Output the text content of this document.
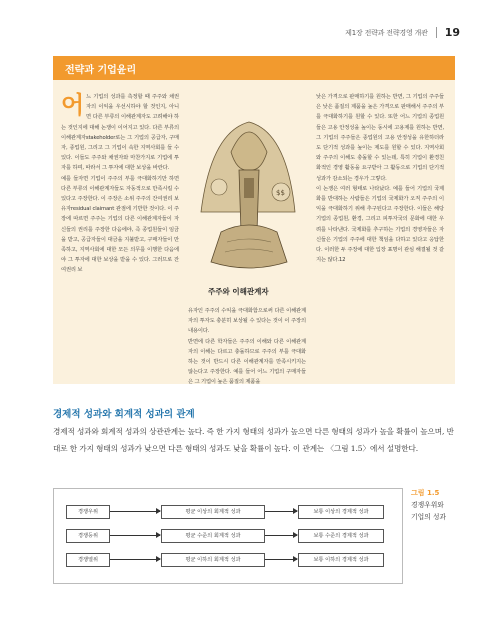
제1장 전략과 전략경영 개관 19
전략과 기업윤리

어느 기업의 성과를 측정할 때 주주와 채권자의 이익을 우선시하야 할 것인지, 아니면 다른 부류의 이해관계자도 고려해야 하는 것인지에 대해 논쟁이 이어지고 있다. 다른 부류의 이해관계자stakeholder로는 그 기업의 공급자, 구매자, 종업원, 그리고 그 기업이 속한 지역사회를 들 수 있다. 이들도 주주와 채권자와 마찬가지로 기업에 투자를 하며, 따라서 그 투자에 대한 보상을 바란다.

예를 들자면 기업이 주주의 부를 극대화하기만 하면 다른 부류의 이해관계자들도 자동적으로 만족시킬 수 있다고 주장한다. 이 주장은 소위 주주의 잔여권리 보유자residual claimant 관점에 기반한 것이다. 이 주장에 따르면 주주는 기업의 다른 이해관계자들이 자신들의 권리를 주장한 다음에야, 즉 종업원들이 임금을 받고, 공급자들이 대금을 지불받고, 구매자들이 만족하고, 지역사회에 대한 모든 의무를 이행한 다음에야 그 투자에 대한 보상을 받을 수 있다. 그러므로 잔여권리 보

$$
주주와 이해관계자

유자인 주주의 수익을 극대화함으로써 다른 이해관계자의 투자도 충분히 보상될 수 있다는 것이 이 주장의 내용이다.

반면에 다른 학자들은 주주의 이해와 다른 이해관계자의 이해는 다르고 충돌하므로 주주의 부를 극대화하는 것이 반드시 다른 이해관계자를 만족시키지는 않는다고 주장한다. 예를 들어 어느 기업의 구매자들은 그 기업이 높은 품질의 제품을

낮은 가격으로 판매하기를 원하는 반면, 그 기업의 주주들은 낮은 품질의 제품을 높은 가격으로 판매해서 주주의 부를 극대화하기를 원할 수 있다. 또한 어느 기업의 종업원들은 고용 안정성을 높이는 동시에 고용제를 원하는 반면, 그 기업의 주주들은 종업원의 고용 안정성을 유한하더라도 단기적 성과를 높이는 제도를 원할 수 있다. 지역사회와 주주의 이해도 충돌할 수 있는데, 특히 기업이 환경친화적인 경영 활동을 요구받아 그 활동으로 기업의 단기적 성과가 감소되는 경우가 그렇다.

이 논쟁은 여러 형태로 나타났다. 예를 들어 기업의 국제화를 반대하는 사람들은 기업의 국제화가 오직 주주의 이익을 극대화하기 위해 추구된다고 주장한다. 이들은 해당 기업의 종업원, 환경, 그리고 피투자국의 문화에 대한 우려를 나타낸다. 국제화를 추구하는 기업의 경영자들은 자신들은 기업의 주주에 대한 책임을 다하고 있다고 응답한다. 이러한 두 주장에 대한 입장 표명이 관심 해결될 것 같지는 않다.12

경제적 성과와 회계적 성과의 관계

경제적 성과와 회계적 성과의 상관관계는 높다. 즉 한 가지 형태의 성과가 높으면 다른 형태의 성과가 높을 확률이 높으며, 반대로 한 가지 형태의 성과가 낮으면 다른 형태의 성과도 낮을 확률이 높다. 이 관계는 〈그림 1.5〉에서 설명한다.

경쟁우위	평균 이상의 회계적 성과	보통 이상의 경제적 성과
경쟁등위	평균 수준의 회계적 성과	보통 수준의 경제적 성과
경쟁열위	평균 이하의 회계적 성과	보통 이하의 경제적 성과
그림 1.5
경쟁우위와
기업의 성과
